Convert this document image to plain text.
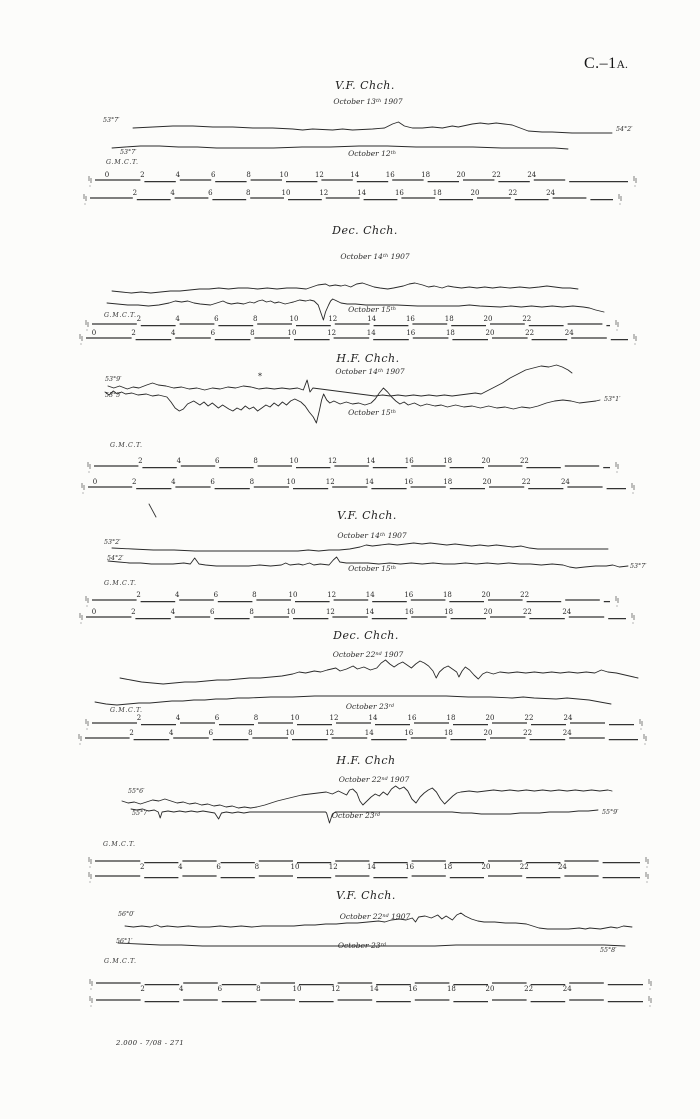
V.F. Chch.
October 13th 1907
53°7′
54°2′
October 12th
53°7′
G.M.C.T.
0	2	4	6	8	10	12	14	16	18	20	22	24
2	4	6	8	10	12	14	16	18	20	22	24
Dec. Chch.
October 14th 1907
October 15th
G.M.C.T. 2	4	6	8	10	12	14	16	18	20	22
0	2	4	6	8	10	12	14	16	18	20	22	24
H.F. Chch.
October 14th 1907
53°9′
October 15th
53°5′
53°1′
G.M.C.T.
2	4	6	8	10	12	14	16	18	20	22
0	2	4	6	8	10	12	14	16	18	20	22	24
*
V.F. Chch.
October 14th 1907
53°2′
October 15th
54°2′
53°7′
G.M.C.T.
2	4	6	8	10	12	14	16	18	20	22
0	2	4	6	8	10	12	14	16	18	20	22	24
Dec. Chch.
October 22nd 1907
October 23rd
G.M.C.T.
2	4	6	8	10	12	14	16	18	20	22	24
2	4	6	8	10	12	14	16	18	20	22	24
H.F. Chch
October 22nd 1907
55°6′
October 23rd
55°7′	55°9′
G.M.C.T.
2	4	6	8	10	12	14	16	18	20	22	24
V.F. Chch.
October 22nd 1907
56°0′
October 23rd
56°1′
55°8′
G.M.C.T.
2	4	6	8	10	12	14	16	18	20	22	24
C.–1A.
2.000 - 7/08 - 271
